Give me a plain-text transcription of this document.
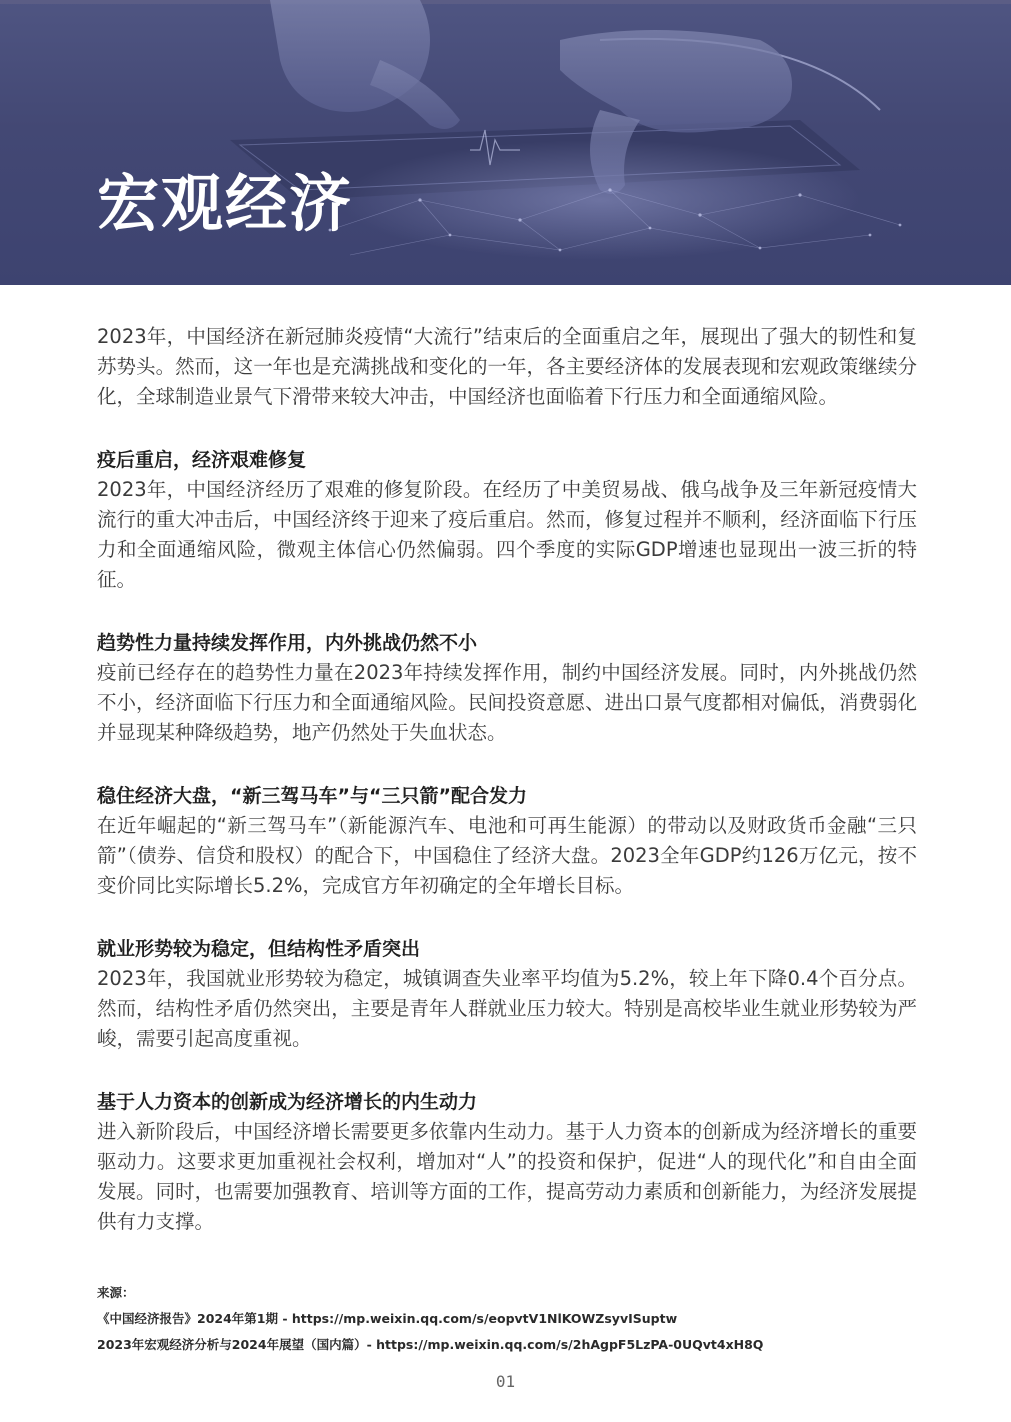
宏观经济

2023年，中国经济在新冠肺炎疫情“大流行”结束后的全面重启之年，展现出了强大的韧性和复苏势头。然而，这一年也是充满挑战和变化的一年，各主要经济体的发展表现和宏观政策继续分化，全球制造业景气下滑带来较大冲击，中国经济也面临着下行压力和全面通缩风险。

疫后重启，经济艰难修复

2023年，中国经济经历了艰难的修复阶段。在经历了中美贸易战、俄乌战争及三年新冠疫情大流行的重大冲击后，中国经济终于迎来了疫后重启。然而，修复过程并不顺利，经济面临下行压力和全面通缩风险，微观主体信心仍然偏弱。四个季度的实际GDP增速也显现出一波三折的特征。

趋势性力量持续发挥作用，内外挑战仍然不小

疫前已经存在的趋势性力量在2023年持续发挥作用，制约中国经济发展。同时，内外挑战仍然不小，经济面临下行压力和全面通缩风险。民间投资意愿、进出口景气度都相对偏低，消费弱化并显现某种降级趋势，地产仍然处于失血状态。

稳住经济大盘，“新三驾马车”与“三只箭”配合发力

在近年崛起的“新三驾马车”（新能源汽车、电池和可再生能源）的带动以及财政货币金融“三只箭”（债券、信贷和股权）的配合下，中国稳住了经济大盘。2023全年GDP约126万亿元，按不变价同比实际增长5.2%，完成官方年初确定的全年增长目标。

就业形势较为稳定，但结构性矛盾突出

2023年，我国就业形势较为稳定，城镇调查失业率平均值为5.2%，较上年下降0.4个百分点。然而，结构性矛盾仍然突出，主要是青年人群就业压力较大。特别是高校毕业生就业形势较为严峻，需要引起高度重视。

基于人力资本的创新成为经济增长的内生动力

进入新阶段后，中国经济增长需要更多依靠内生动力。基于人力资本的创新成为经济增长的重要驱动力。这要求更加重视社会权利，增加对“人”的投资和保护，促进“人的现代化”和自由全面发展。同时，也需要加强教育、培训等方面的工作，提高劳动力素质和创新能力，为经济发展提供有力支撑。

来源：
《中国经济报告》2024年第1期 - https://mp.weixin.qq.com/s/eopvtV1NlKOWZsyvISuptw
2023年宏观经济分析与2024年展望（国内篇）- https://mp.weixin.qq.com/s/2hAgpF5LzPA-0UQvt4xH8Q
01
